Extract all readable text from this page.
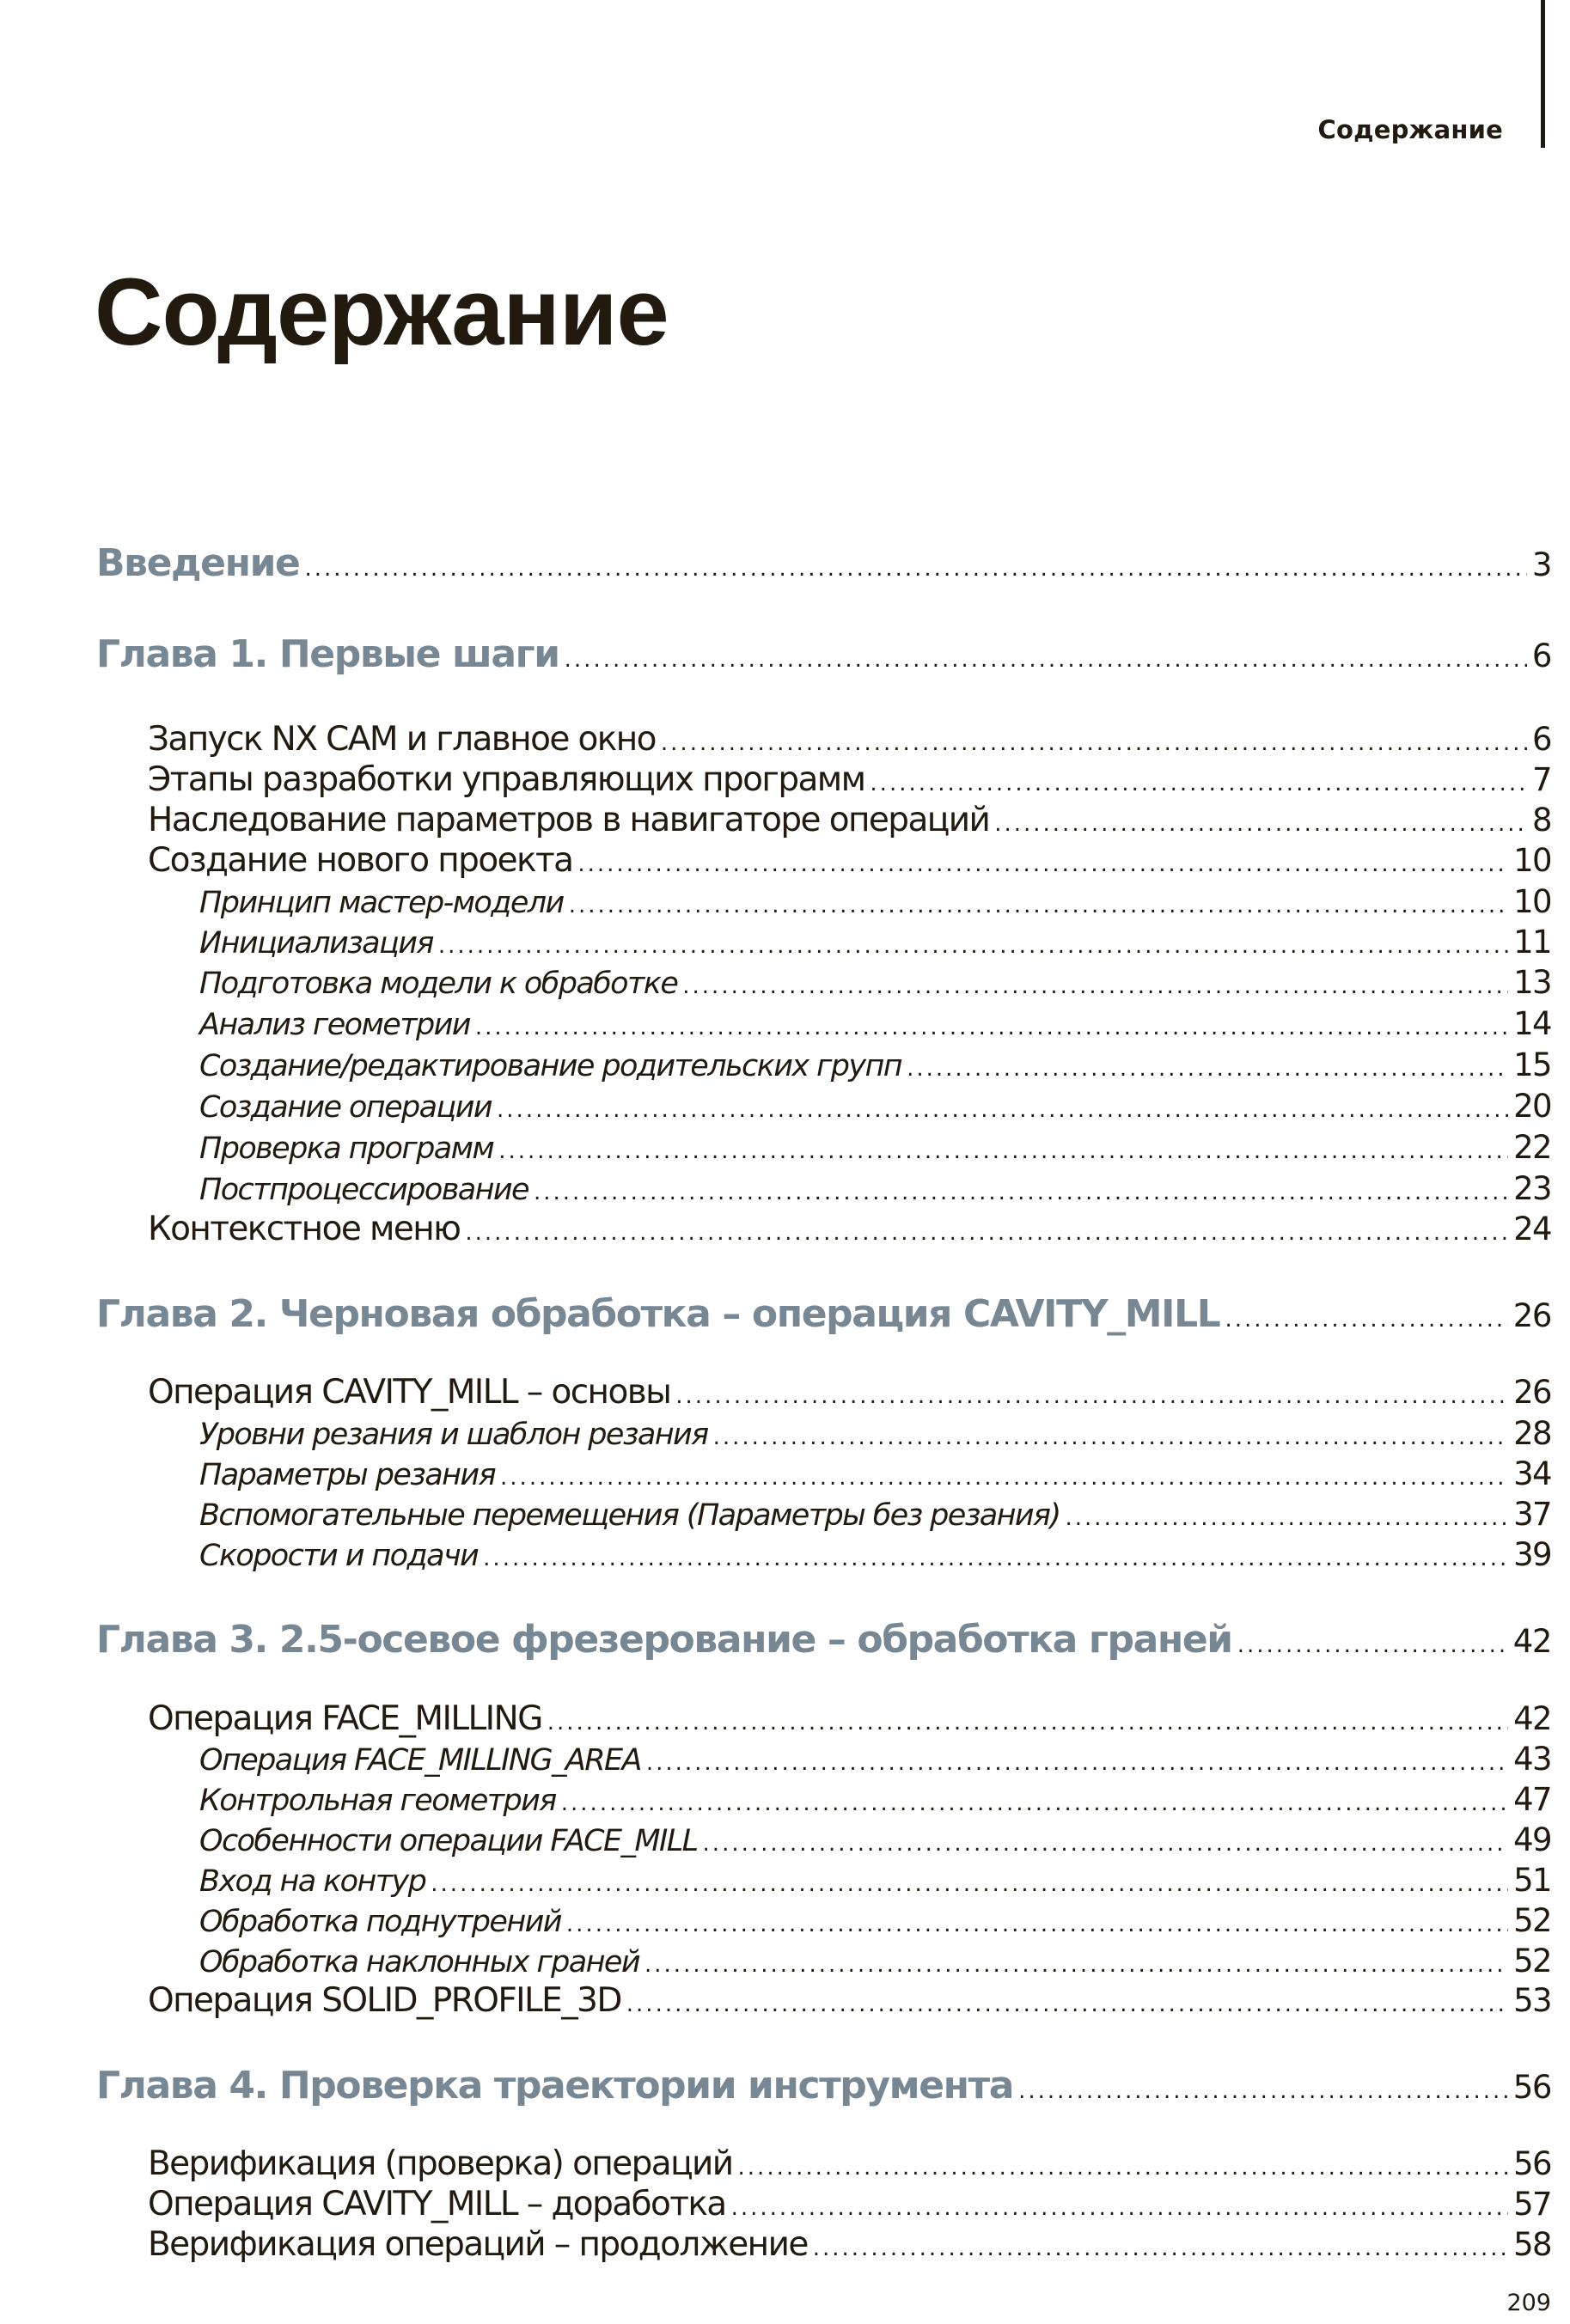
Содержание
Содержание
Введение .....	3
Глава 1. Первые шаги .....	6
Запуск NX CAM и главное окно .....	6
Этапы разработки управляющих программ .....	7
Наследование параметров в навигаторе операций .....	8
Создание нового проекта .....	10
Принцип мастер-модели .....	10
Инициализация .....	11
Подготовка модели к обработке .....	13
Анализ геометрии .....	14
Создание/редактирование родительских групп .....	15
Создание операции .....	20
Проверка программ .....	22
Постпроцессирование .....	23
Контекстное меню .....	24
Глава 2. Черновая обработка – операция CAVITY_MILL .....	26
Операция CAVITY_MILL – основы .....	26
Уровни резания и шаблон резания .....	28
Параметры резания .....	34
Вспомогательные перемещения (Параметры без резания) .....	37
Скорости и подачи .....	39
Глава 3. 2.5-осевое фрезерование – обработка граней .....	42
Операция FACE_MILLING .....	42
Операция FACE_MILLING_AREA .....	43
Контрольная геометрия .....	47
Особенности операции FACE_MILL .....	49
Вход на контур .....	51
Обработка поднутрений .....	52
Обработка наклонных граней .....	52
Операция SOLID_PROFILE_3D .....	53
Глава 4. Проверка траектории инструмента .....	56
Верификация (проверка) операций .....	56
Операция CAVITY_MILL – доработка .....	57
Верификация операций – продолжение .....	58
209
